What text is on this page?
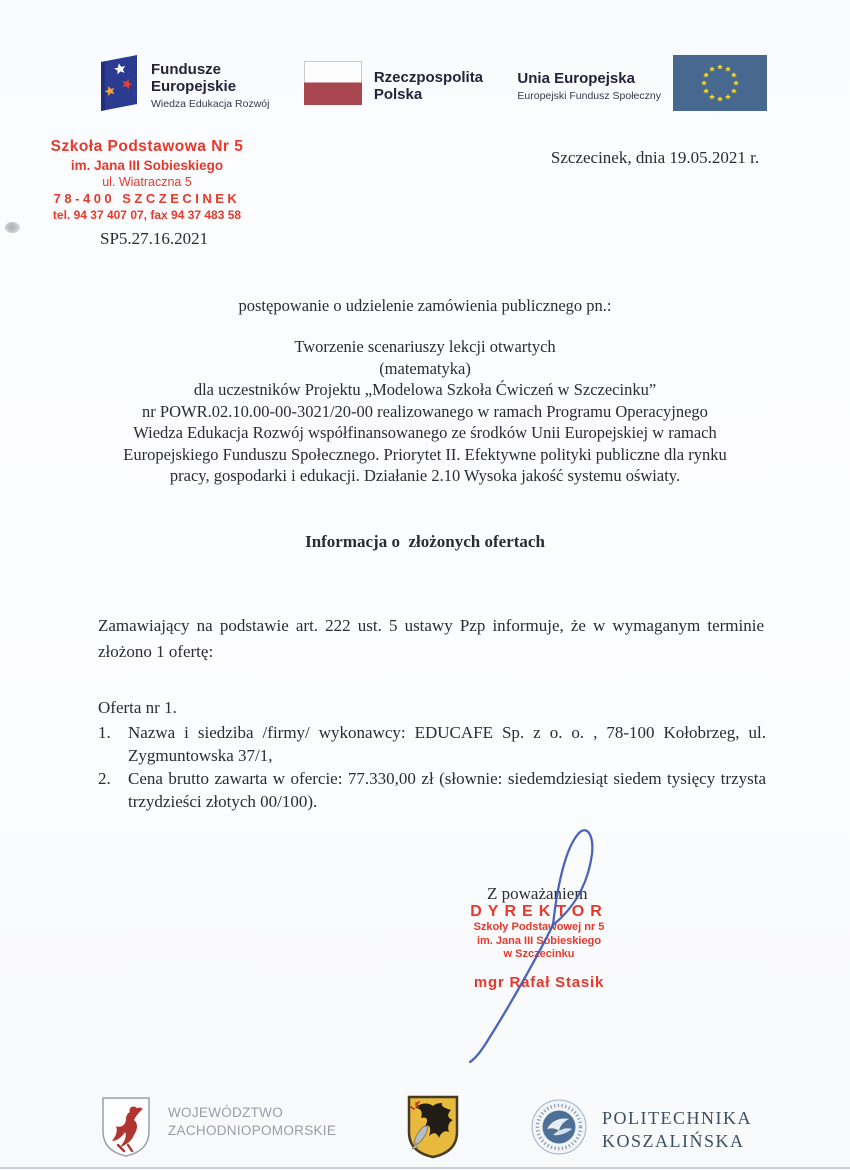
Fundusze
Europejskie
Wiedza Edukacja Rozwój
Rzeczpospolita
Polska
Unia Europejska
Europejski Fundusz Społeczny
Szkoła Podstawowa Nr 5
im. Jana III Sobieskiego
ul. Wiatraczna 5
78-400 SZCZECINEK
tel. 94 37 407 07, fax 94 37 483 58
Szczecinek, dnia 19.05.2021 r.
SP5.27.16.2021
postępowanie o udzielenie zamówienia publicznego pn.:
Tworzenie scenariuszy lekcji otwartych
(matematyka)
dla uczestników Projektu „Modelowa Szkoła Ćwiczeń w Szczecinku”
nr POWR.02.10.00-00-3021/20-00 realizowanego w ramach Programu Operacyjnego
Wiedza Edukacja Rozwój współfinansowanego ze środków Unii Europejskiej w ramach
Europejskiego Funduszu Społecznego. Priorytet II. Efektywne polityki publiczne dla rynku
pracy, gospodarki i edukacji. Działanie 2.10 Wysoka jakość systemu oświaty.
Informacja o  złożonych ofertach
Zamawiający na podstawie art. 222 ust. 5 ustawy Pzp informuje, że w wymaganym terminie złożono 1 ofertę:
Oferta nr 1.
1.	Nazwa i siedziba /firmy/ wykonawcy: EDUCAFE Sp. z o. o. , 78-100 Kołobrzeg, ul. Zygmuntowska 37/1,
2.	Cena brutto zawarta w ofercie: 77.330,00 zł (słownie: siedemdziesiąt siedem tysięcy trzysta trzydzieści złotych 00/100).
Z poważaniem
DYREKTOR
Szkoły Podstawowej nr 5
im. Jana III Sobieskiego
w Szczecinku
mgr Rafał Stasik
WOJEWÓDZTWO
ZACHODNIOPOMORSKIE
POLITECHNIKA
KOSZALIŃSKA
